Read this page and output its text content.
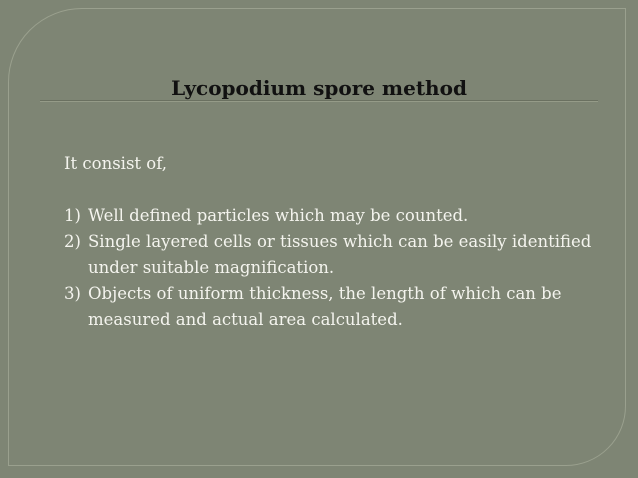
Lycopodium spore method

It consist of,

1) Well defined particles which may be counted.
2) Single layered cells or tissues which can be easily identified under suitable magnification.
3) Objects of uniform thickness, the length of which can be measured and actual area calculated.
